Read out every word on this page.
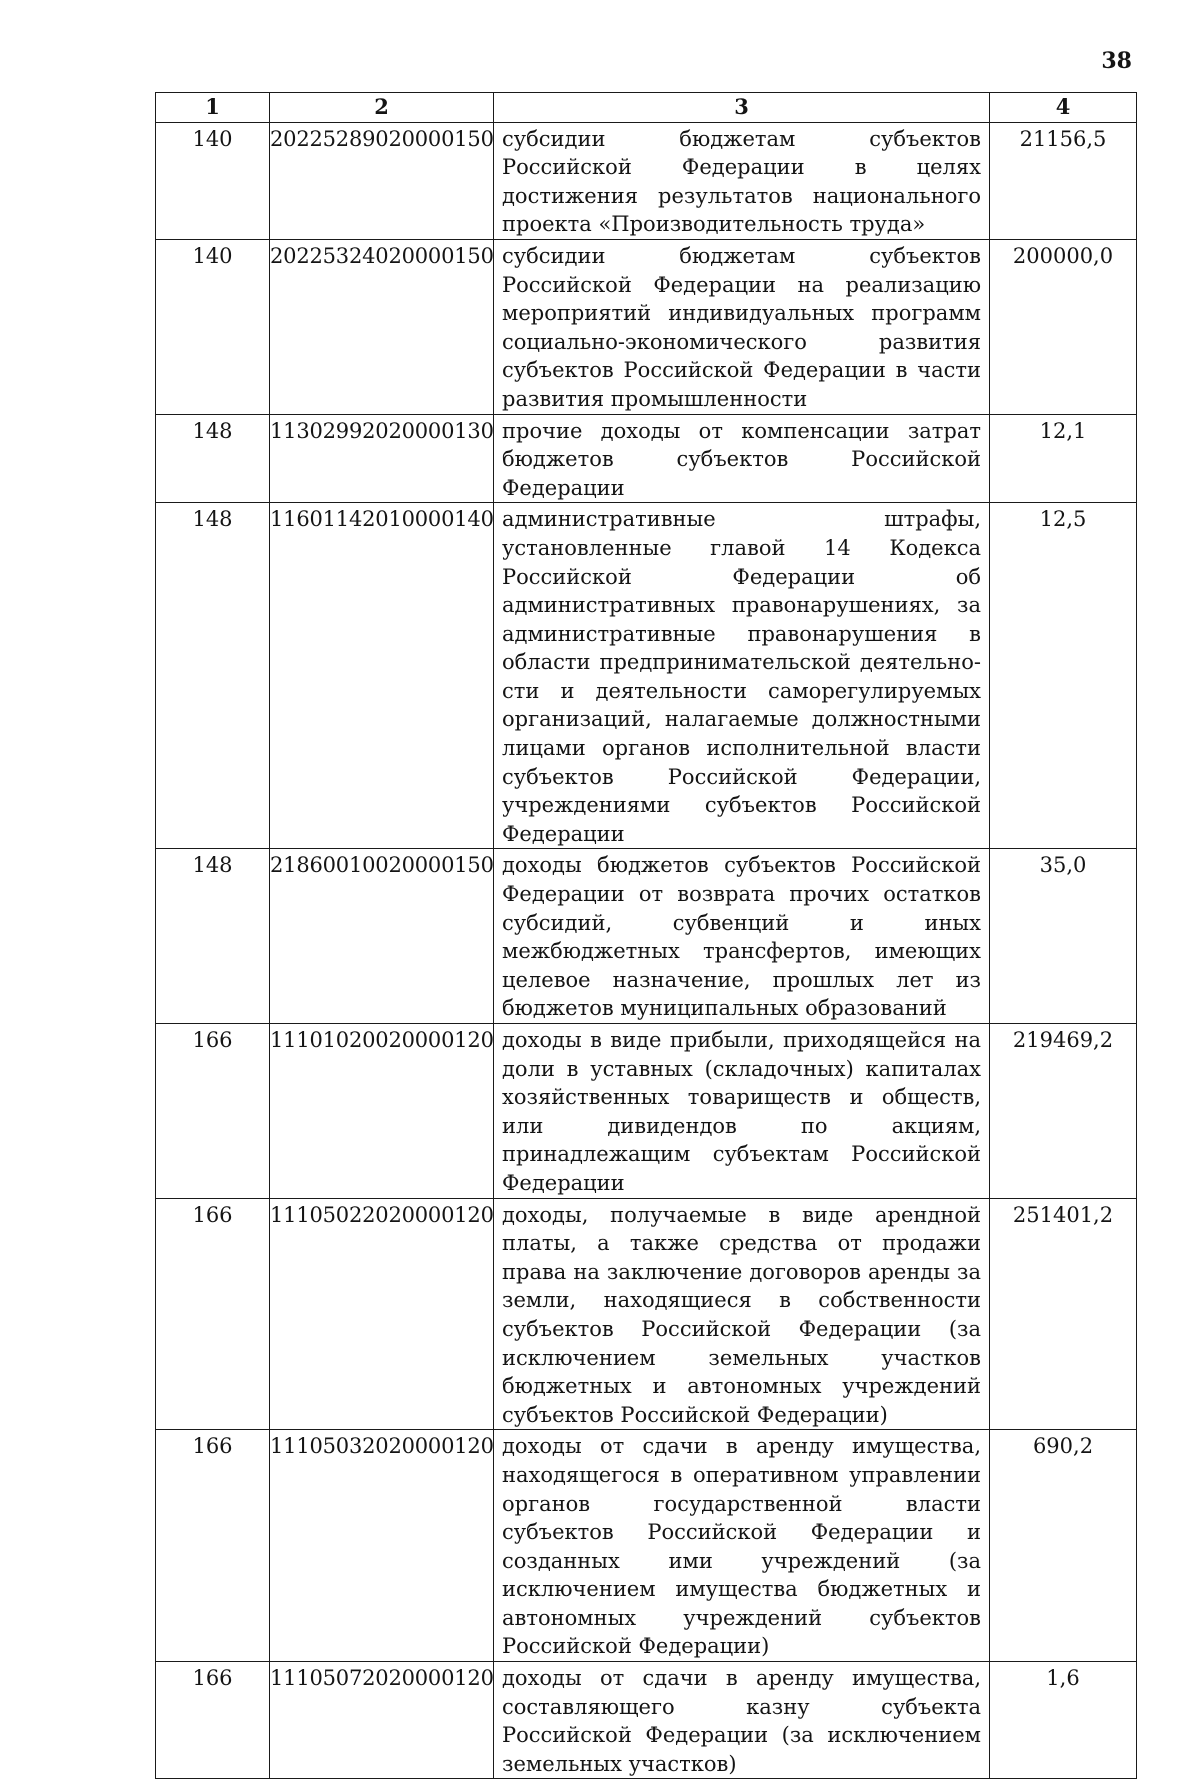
38
1	2	3	4
140	20225289020000150	субсидии бюджетам субъектов Российской Федерации в целях достижения результатов национального проекта «Производительность труда»	21156,5
140	20225324020000150	субсидии бюджетам субъектов Российской Федерации на реализацию мероприятий индивидуальных программ социально-экономического развития субъектов Российской Федерации в части развития промышленности	200000,0
148	11302992020000130	прочие доходы от компенсации затрат бюджетов субъектов Российской Федерации	12,1
148	11601142010000140	административные штрафы, установленные главой 14 Кодекса Российской Федерации об административных правонарушениях, за административные правонарушения в области предпринимательской деятельности и деятельности саморегулируемых организаций, налагаемые должностными лицами органов исполнительной власти субъектов Российской Федерации, учреждениями субъектов Российской Федерации	12,5
148	21860010020000150	доходы бюджетов субъектов Российской Федерации от возврата прочих остатков субсидий, субвенций и иных межбюджетных трансфертов, имеющих целевое назначение, прошлых лет из бюджетов муниципальных образований	35,0
166	11101020020000120	доходы в виде прибыли, приходящейся на доли в уставных (складочных) капиталах хозяйственных товариществ и обществ, или дивидендов по акциям, принадлежащим субъектам Российской Федерации	219469,2
166	11105022020000120	доходы, получаемые в виде арендной платы, а также средства от продажи права на заключение договоров аренды за земли, находящиеся в собственности субъектов Российской Федерации (за исключением земельных участков бюджетных и автономных учреждений субъектов Российской Федерации)	251401,2
166	11105032020000120	доходы от сдачи в аренду имущества, находящегося в оперативном управлении органов государственной власти субъектов Российской Федерации и созданных ими учреждений (за исключением имущества бюджетных и автономных учреждений субъектов Российской Федерации)	690,2
166	11105072020000120	доходы от сдачи в аренду имущества, составляющего казну субъекта Российской Федерации (за исключением земельных участков)	1,6
